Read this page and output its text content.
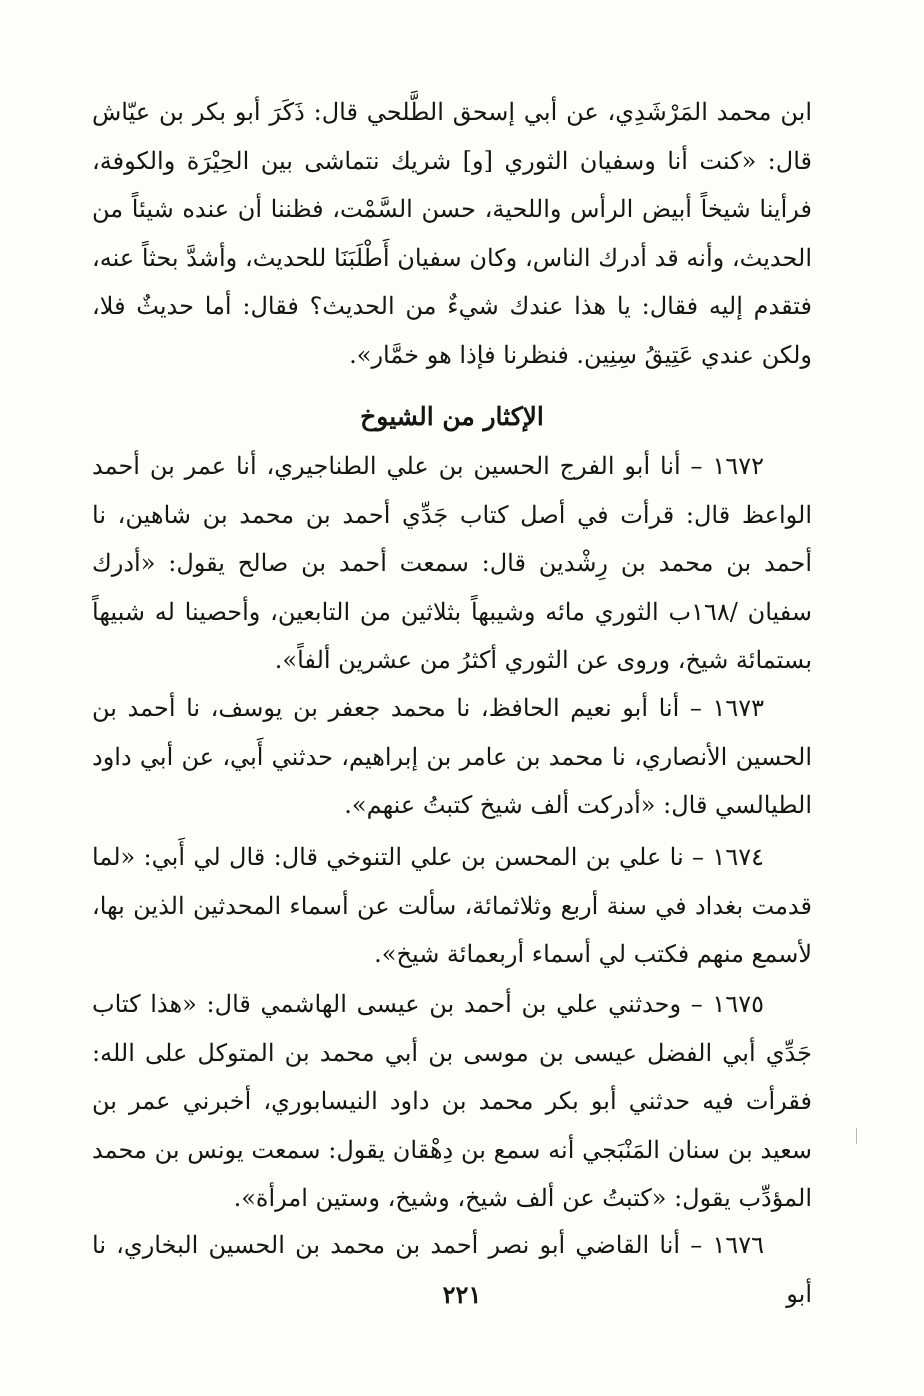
ابن محمد المَرْشَدِي، عن أبي إسحق الطَّلحي قال: ذَكَرَ أبو بكر بن عيّاش قال: «كنت أنا وسفيان الثوري [و] شريك نتماشى بين الحِيْرَة والكوفة، فرأينا شيخاً أبيض الرأس واللحية، حسن السَّمْت، فظننا أن عنده شيئاً من الحديث، وأنه قد أدرك الناس، وكان سفيان أَطْلَبَنَا للحديث، وأشدَّ بحثاً عنه، فتقدم إليه فقال: يا هذا عندك شيءٌ من الحديث؟ فقال: أما حديثٌ فلا، ولكن عندي عَتِيقُ سِنِين. فنظرنا فإذا هو خمَّار».

الإكثار من الشيوخ

١٦٧٢ – أنا أبو الفرج الحسين بن علي الطناجيري، أنا عمر بن أحمد الواعظ قال: قرأت في أصل كتاب جَدِّي أحمد بن محمد بن شاهين، نا أحمد بن محمد بن رِشْدين قال: سمعت أحمد بن صالح يقول: «أدرك سفيان /١٦٨ب الثوري مائه وشيبهاً بثلاثين من التابعين، وأحصينا له شبيهاً بستمائة شيخ، وروى عن الثوري أكثرُ من عشرين ألفاً».

١٦٧٣ – أنا أبو نعيم الحافظ، نا محمد جعفر بن يوسف، نا أحمد بن الحسين الأنصاري، نا محمد بن عامر بن إبراهيم، حدثني أَبي، عن أبي داود الطيالسي قال: «أدركت ألف شيخ كتبتُ عنهم».

١٦٧٤ – نا علي بن المحسن بن علي التنوخي قال: قال لي أَبي: «لما قدمت بغداد في سنة أربع وثلاثمائة، سألت عن أسماء المحدثين الذين بها، لأسمع منهم فكتب لي أسماء أربعمائة شيخ».

١٦٧٥ – وحدثني علي بن أحمد بن عيسى الهاشمي قال: «هذا كتاب جَدِّي أبي الفضل عيسى بن موسى بن أبي محمد بن المتوكل على الله: فقرأت فيه حدثني أبو بكر محمد بن داود النيسابوري، أخبرني عمر بن سعيد بن سنان المَنْبَجي أنه سمع بن دِهْقان يقول: سمعت يونس بن محمد المؤدِّب يقول: «كتبتُ عن ألف شيخ، وشيخ، وستين امرأة».

١٦٧٦ – أنا القاضي أبو نصر أحمد بن محمد بن الحسين البخاري، نا أبو

٢٢١
